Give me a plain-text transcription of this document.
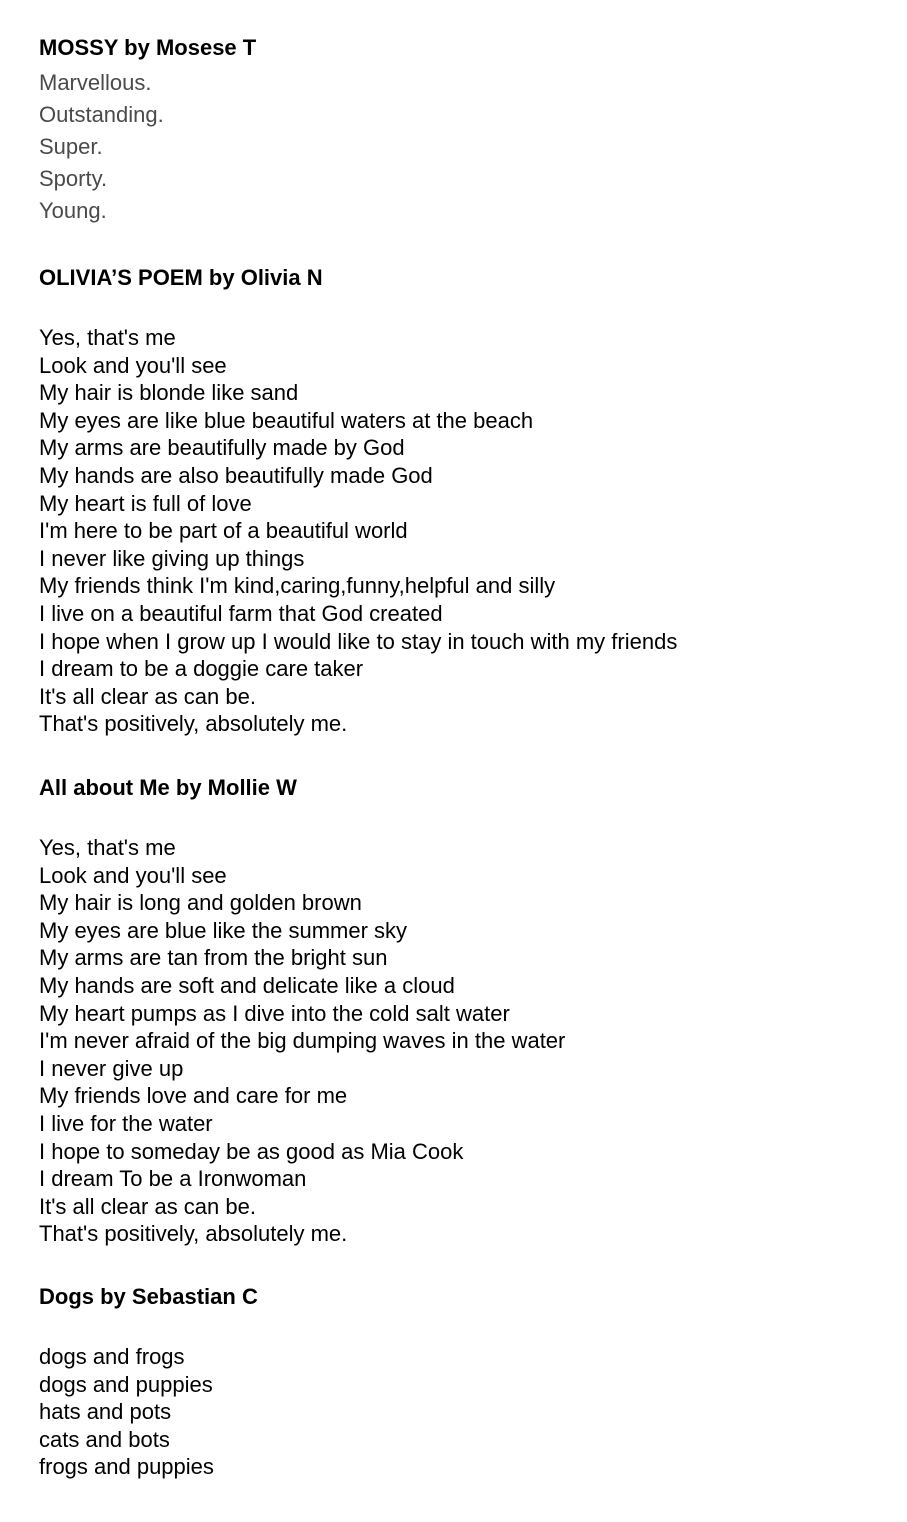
MOSSY by Mosese T

Marvellous.

Outstanding.

Super.

Sporty.

Young.

OLIVIA’S POEM by Olivia N

Yes, that's me

Look and you'll see

My hair is blonde like sand

My eyes are like blue beautiful waters at the beach

My arms are beautifully made by God

My hands are also beautifully made God

My heart is full of love

I'm here to be part of a beautiful world

I never like giving up things

My friends think I'm kind,caring,funny,helpful and silly

I live on a beautiful farm that God created

I hope when I grow up I would like to stay in touch with my friends

I dream to be a doggie care taker

It's all clear as can be.

That's positively, absolutely me.

All about Me by Mollie W

Yes, that's me

Look and you'll see

My hair is long and golden brown

My eyes are blue like the summer sky

My arms are tan from the bright sun

My hands are soft and delicate like a cloud

My heart pumps as I dive into the cold salt water

I'm never afraid of the big dumping waves in the water

I never give up

My friends love and care for me

I live for the water

I hope to someday be as good as Mia Cook

I dream To be a Ironwoman

It's all clear as can be.

That's positively, absolutely me.

Dogs by Sebastian C

dogs and frogs

dogs and puppies

hats and pots

cats and bots

frogs and puppies
